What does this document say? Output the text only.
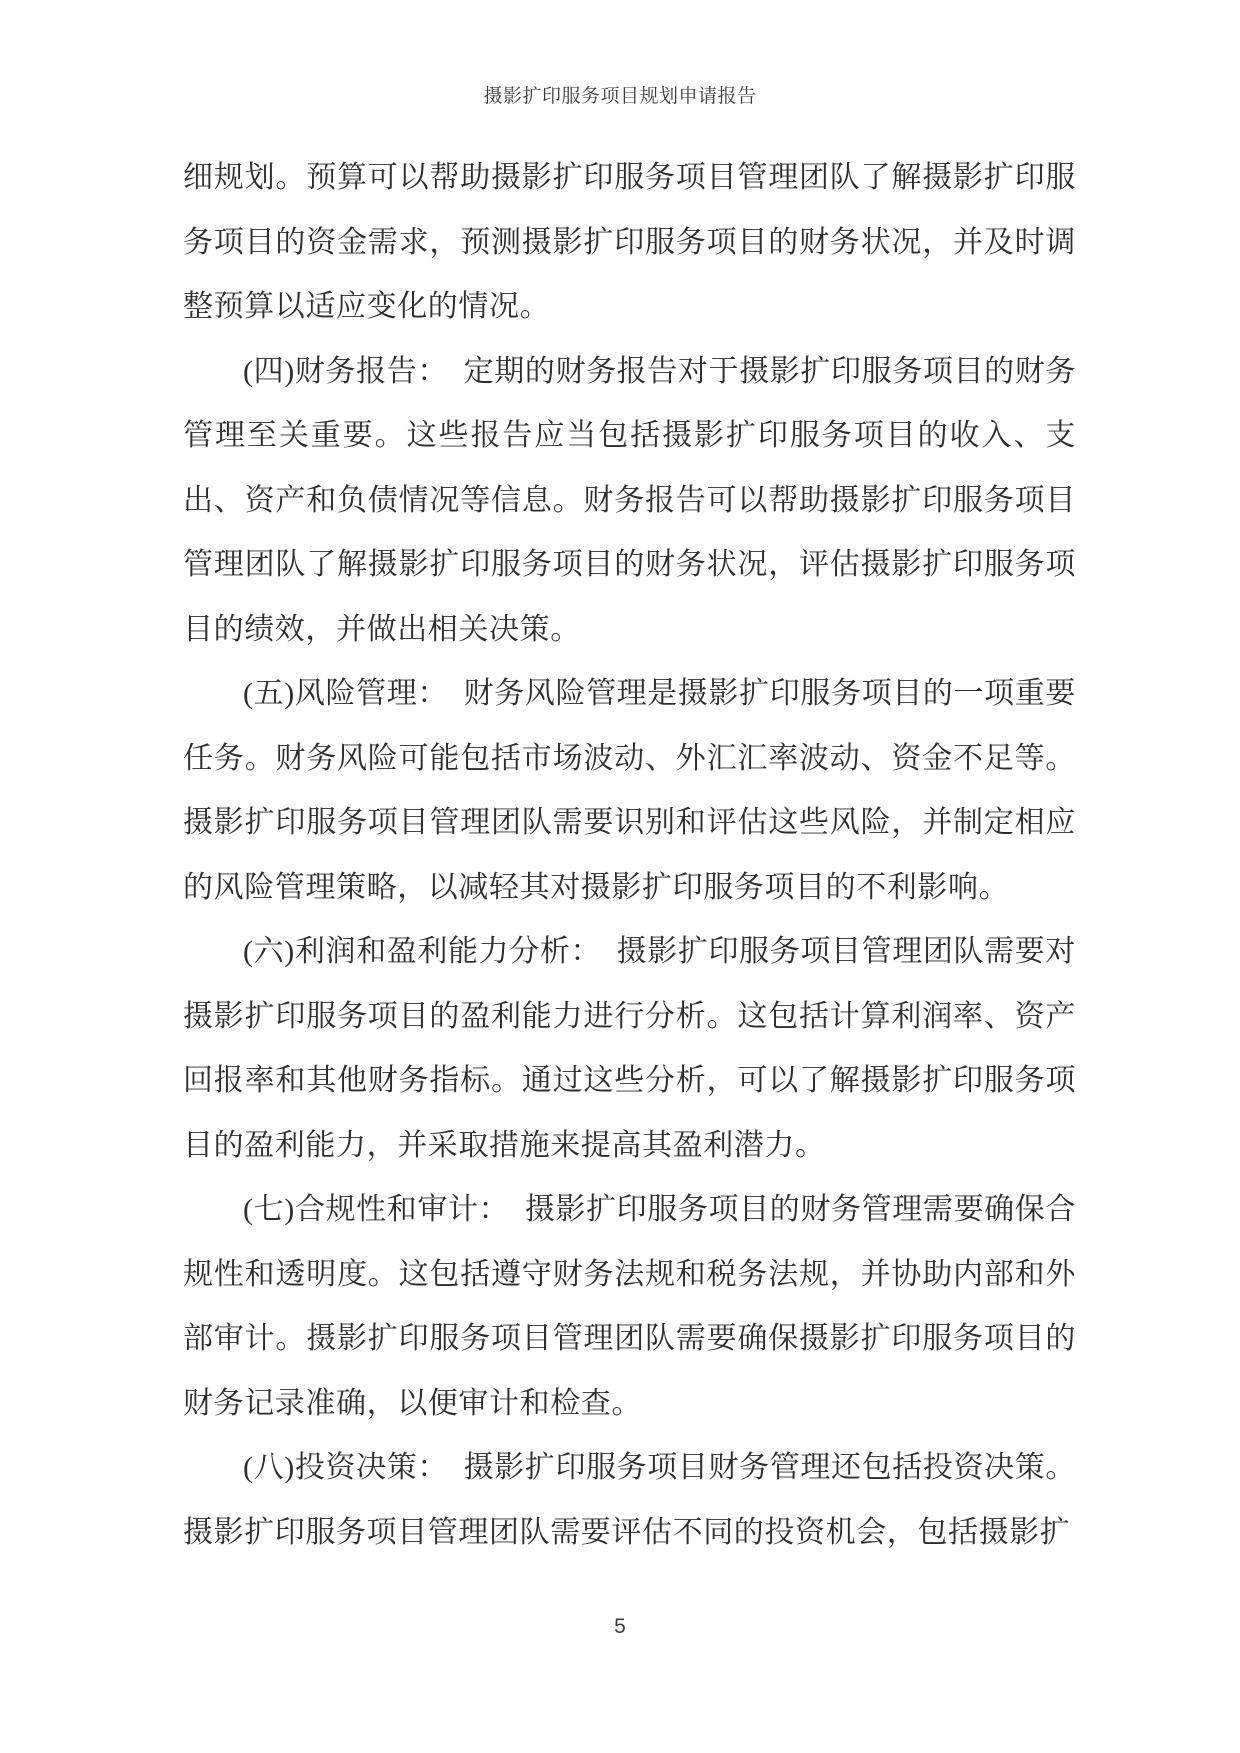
摄影扩印服务项目规划申请报告

细规划。预算可以帮助摄影扩印服务项目管理团队了解摄影扩印服务项目的资金需求，预测摄影扩印服务项目的财务状况，并及时调整预算以适应变化的情况。

(四)财务报告：　定期的财务报告对于摄影扩印服务项目的财务管理至关重要。这些报告应当包括摄影扩印服务项目的收入、支出、资产和负债情况等信息。财务报告可以帮助摄影扩印服务项目管理团队了解摄影扩印服务项目的财务状况，评估摄影扩印服务项目的绩效，并做出相关决策。

(五)风险管理：　财务风险管理是摄影扩印服务项目的一项重要任务。财务风险可能包括市场波动、外汇汇率波动、资金不足等。摄影扩印服务项目管理团队需要识别和评估这些风险，并制定相应的风险管理策略，以减轻其对摄影扩印服务项目的不利影响。

(六)利润和盈利能力分析：　摄影扩印服务项目管理团队需要对摄影扩印服务项目的盈利能力进行分析。这包括计算利润率、资产回报率和其他财务指标。通过这些分析，可以了解摄影扩印服务项目的盈利能力，并采取措施来提高其盈利潜力。

(七)合规性和审计：　摄影扩印服务项目的财务管理需要确保合规性和透明度。这包括遵守财务法规和税务法规，并协助内部和外部审计。摄影扩印服务项目管理团队需要确保摄影扩印服务项目的财务记录准确，以便审计和检查。

(八)投资决策：　摄影扩印服务项目财务管理还包括投资决策。摄影扩印服务项目管理团队需要评估不同的投资机会，包括摄影扩

5
